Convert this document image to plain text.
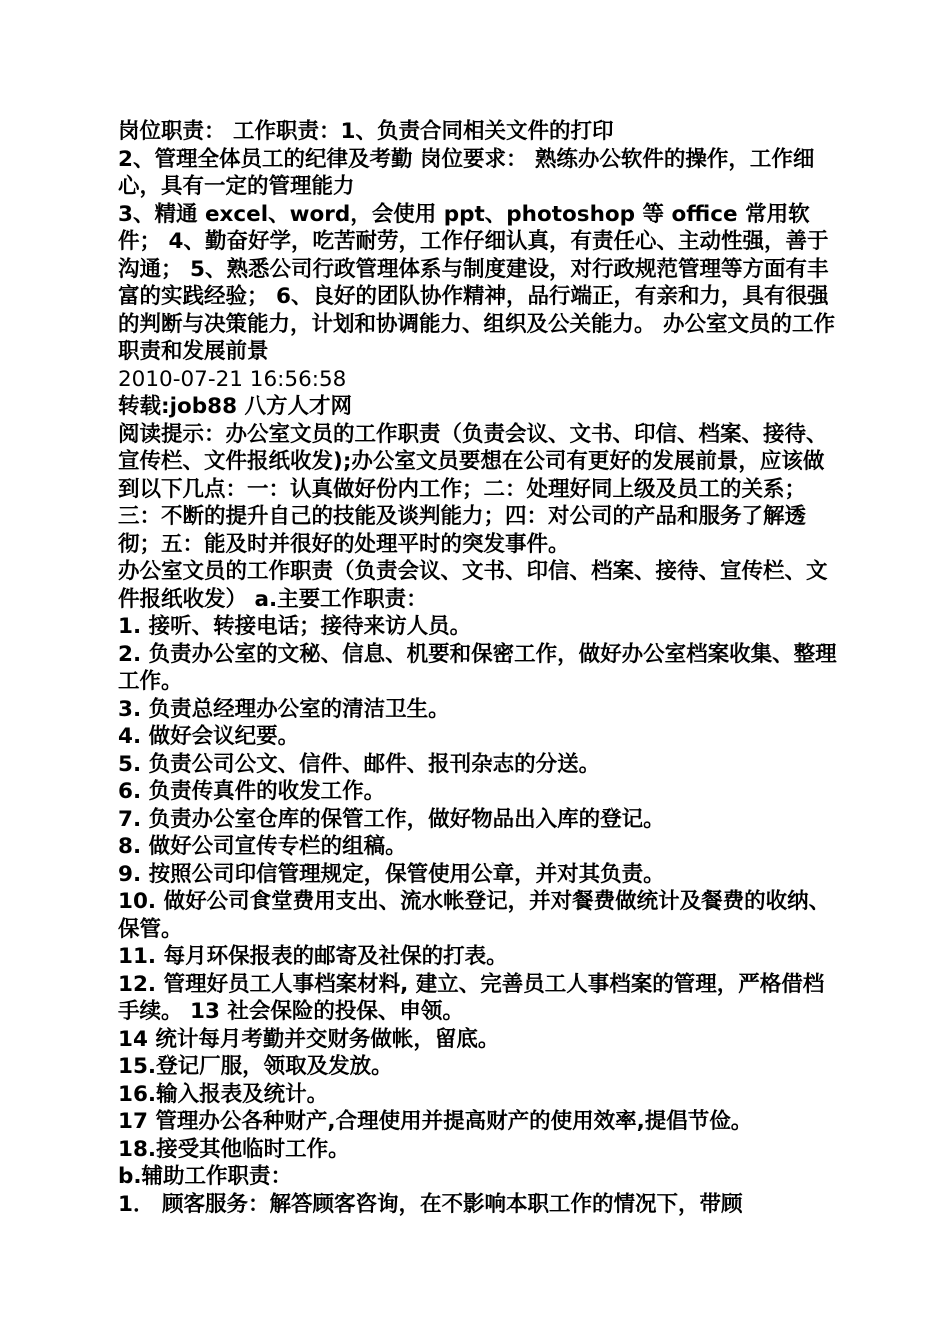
岗位职责： 工作职责：1、负责合同相关文件的打印

2、管理全体员工的纪律及考勤 岗位要求： 熟练办公软件的操作，工作细心，具有一定的管理能力

3、精通 excel、word，会使用 ppt、photoshop 等 office 常用软件； 4、勤奋好学，吃苦耐劳，工作仔细认真，有责任心、主动性强，善于沟通； 5、熟悉公司行政管理体系与制度建设，对行政规范管理等方面有丰富的实践经验； 6、良好的团队协作精神，品行端正，有亲和力，具有很强的判断与决策能力，计划和协调能力、组织及公关能力。 办公室文员的工作职责和发展前景

2010-07-21 16:56:58

转载:job88 八方人才网

阅读提示：办公室文员的工作职责（负责会议、文书、印信、档案、接待、宣传栏、文件报纸收发);办公室文员要想在公司有更好的发展前景，应该做到以下几点：一：认真做好份内工作；二：处理好同上级及员工的关系；三：不断的提升自己的技能及谈判能力；四：对公司的产品和服务了解透彻；五：能及时并很好的处理平时的突发事件。

办公室文员的工作职责（负责会议、文书、印信、档案、接待、宣传栏、文件报纸收发） a.主要工作职责：

1. 接听、转接电话；接待来访人员。

2. 负责办公室的文秘、信息、机要和保密工作，做好办公室档案收集、整理工作。

3. 负责总经理办公室的清洁卫生。

4. 做好会议纪要。

5. 负责公司公文、信件、邮件、报刊杂志的分送。

6. 负责传真件的收发工作。

7. 负责办公室仓库的保管工作，做好物品出入库的登记。

8. 做好公司宣传专栏的组稿。

9. 按照公司印信管理规定，保管使用公章，并对其负责。

10. 做好公司食堂费用支出、流水帐登记，并对餐费做统计及餐费的收纳、保管。

11. 每月环保报表的邮寄及社保的打表。

12. 管理好员工人事档案材料, 建立、完善员工人事档案的管理，严格借档手续。 13 社会保险的投保、申领。

14 统计每月考勤并交财务做帐，留底。

15.登记厂服，领取及发放。

16.输入报表及统计。

17 管理办公各种财产,合理使用并提高财产的使用效率,提倡节俭。

18.接受其他临时工作。

b.辅助工作职责：

1． 顾客服务：解答顾客咨询，在不影响本职工作的情况下，带顾
